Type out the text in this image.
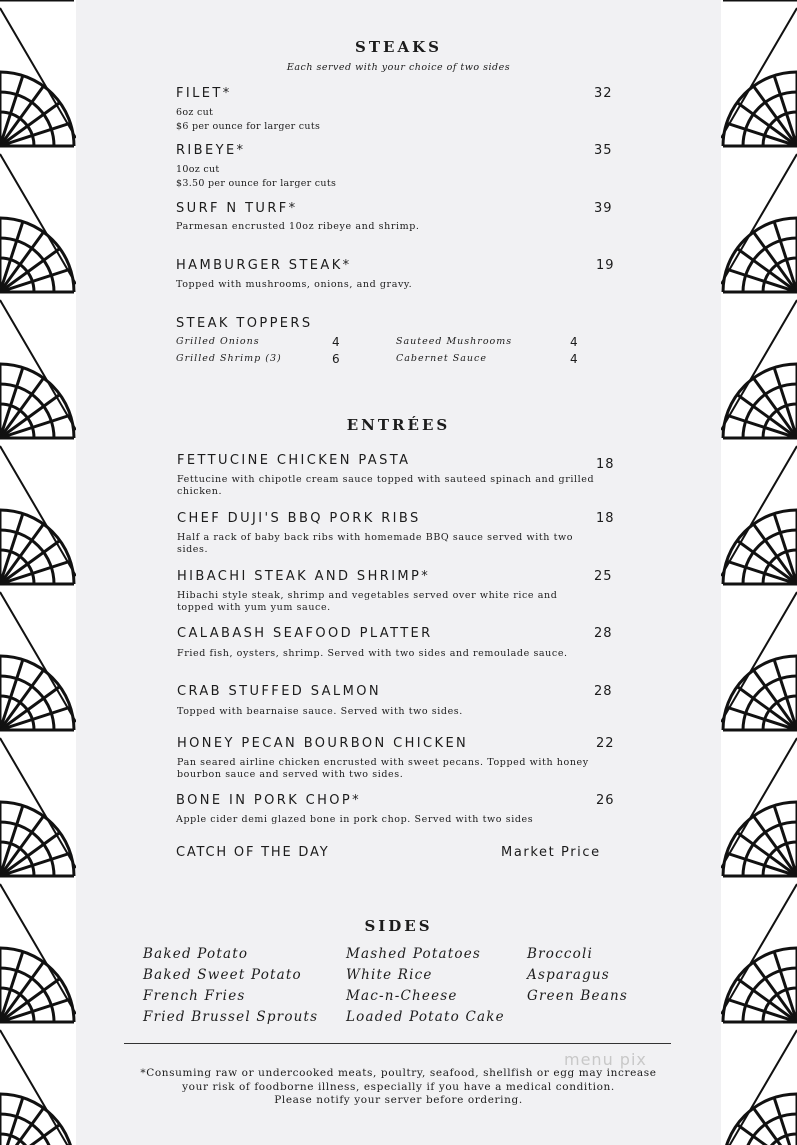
STEAKS
Each served with your choice of two sides
FILET*	32
6oz cut
$6 per ounce for larger cuts
RIBEYE*	35
10oz cut
$3.50 per ounce for larger cuts
SURF N TURF*	39
Parmesan encrusted 10oz ribeye and shrimp.
HAMBURGER STEAK*	19
Topped with mushrooms, onions, and gravy.
STEAK TOPPERS
Grilled Onions	4
Grilled Shrimp (3)	6
Sauteed Mushrooms	4
Cabernet Sauce	4
ENTRÉES
FETTUCINE CHICKEN PASTA	18
Fettucine with chipotle cream sauce topped with sauteed spinach and grilled chicken.
CHEF DUJI'S BBQ PORK RIBS	18
Half a rack of baby back ribs with homemade BBQ sauce served with two sides.
HIBACHI STEAK AND SHRIMP*	25
Hibachi style steak, shrimp and vegetables served over white rice and topped with yum yum sauce.
CALABASH SEAFOOD PLATTER	28
Fried fish, oysters, shrimp. Served with two sides and remoulade sauce.
CRAB STUFFED SALMON	28
Topped with bearnaise sauce. Served with two sides.
HONEY PECAN BOURBON CHICKEN	22
Pan seared airline chicken encrusted with sweet pecans. Topped with honey bourbon sauce and served with two sides.
BONE IN PORK CHOP*	26
Apple cider demi glazed bone in pork chop. Served with two sides
CATCH OF THE DAY	Market Price
SIDES
Baked Potato
Baked Sweet Potato
French Fries
Fried Brussel Sprouts
Mashed Potatoes
White Rice
Mac-n-Cheese
Loaded Potato Cake
Broccoli
Asparagus
Green Beans
menu pix
*Consuming raw or undercooked meats, poultry, seafood, shellfish or egg may increase
your risk of foodborne illness, especially if you have a medical condition.
Please notify your server before ordering.
